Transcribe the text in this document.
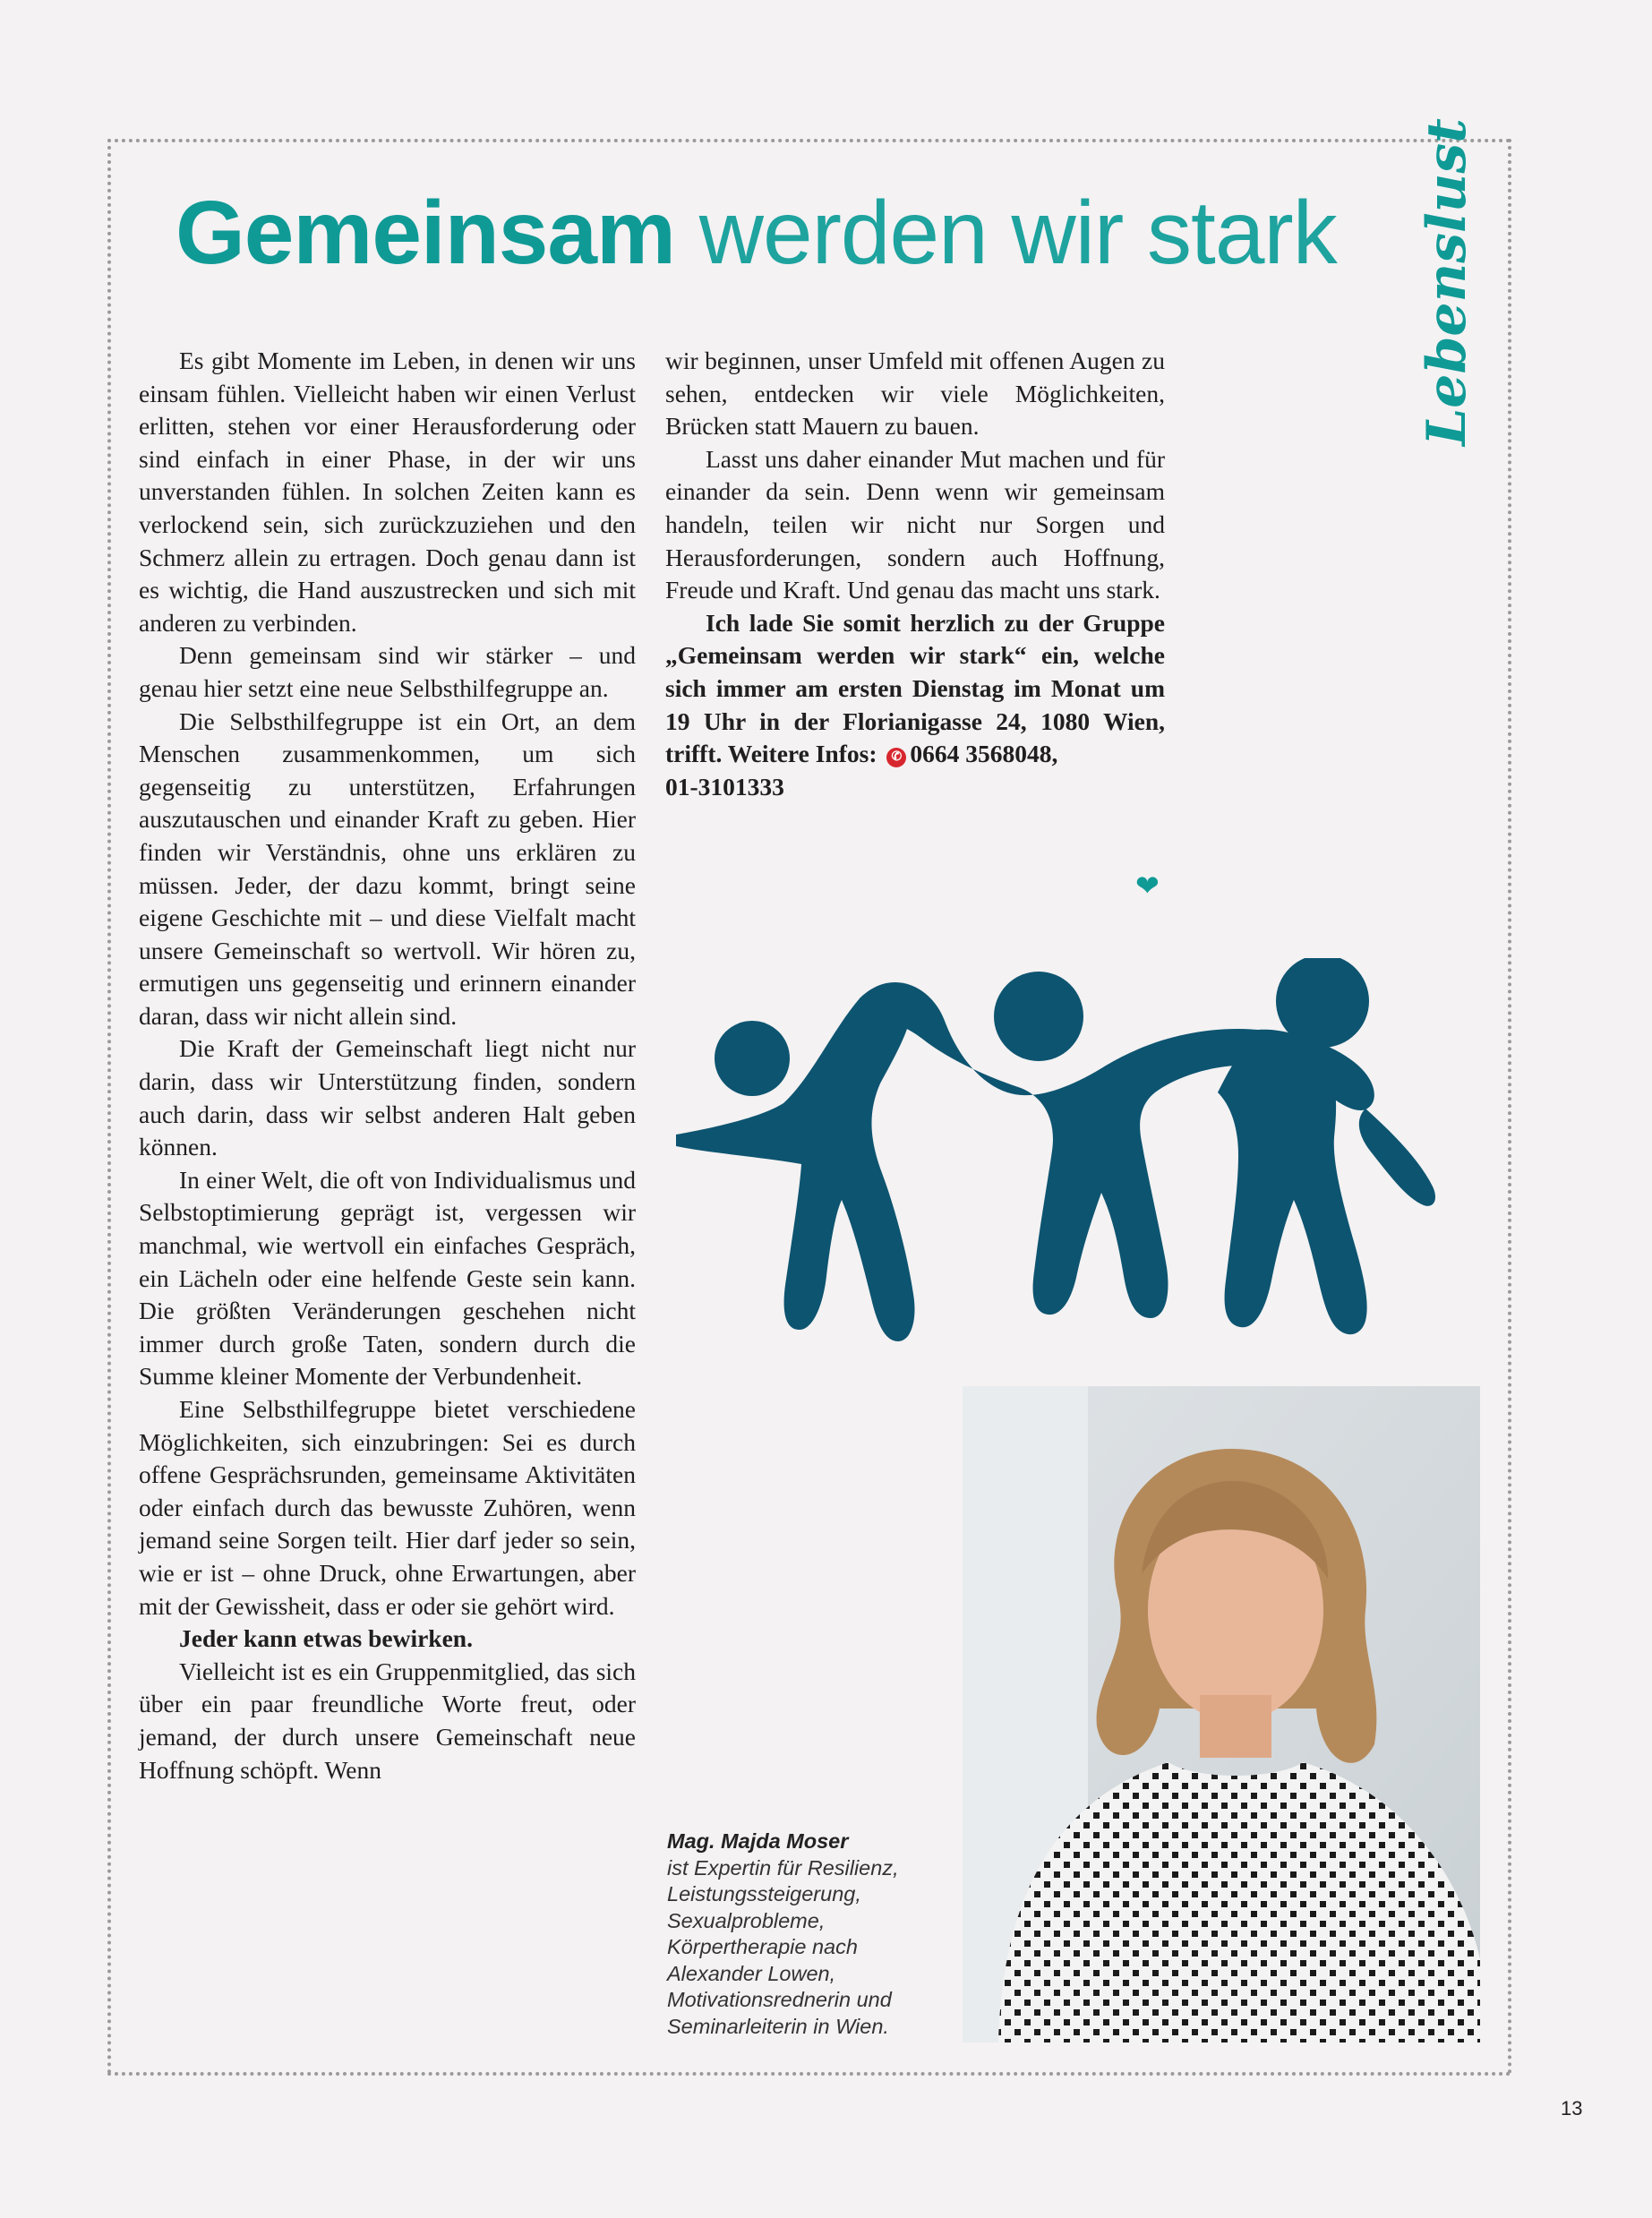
Gemeinsam werden wir stark Lebenslust

Es gibt Momente im Leben, in denen wir uns einsam fühlen. Vielleicht haben wir einen Verlust erlitten, stehen vor einer Herausforderung oder sind einfach in einer Phase, in der wir uns unverstanden fühlen. In solchen Zeiten kann es verlockend sein, sich zurückzuziehen und den Schmerz allein zu ertragen. Doch genau dann ist es wichtig, die Hand auszustrecken und sich mit anderen zu verbinden.

Denn gemeinsam sind wir stärker – und genau hier setzt eine neue Selbsthilfegruppe an.

Die Selbsthilfegruppe ist ein Ort, an dem Menschen zusammenkommen, um sich gegenseitig zu unterstützen, Erfahrungen auszutauschen und einander Kraft zu geben. Hier finden wir Verständnis, ohne uns erklären zu müssen. Jeder, der dazu kommt, bringt seine eigene Geschichte mit – und diese Vielfalt macht unsere Gemeinschaft so wertvoll. Wir hören zu, ermutigen uns gegenseitig und erinnern einander daran, dass wir nicht allein sind.

Die Kraft der Gemeinschaft liegt nicht nur darin, dass wir Unterstützung finden, sondern auch darin, dass wir selbst anderen Halt geben können.

In einer Welt, die oft von Individualismus und Selbstoptimierung geprägt ist, vergessen wir manchmal, wie wertvoll ein einfaches Gespräch, ein Lächeln oder eine helfende Geste sein kann. Die größten Veränderungen geschehen nicht immer durch große Taten, sondern durch die Summe kleiner Momente der Verbundenheit.

Eine Selbsthilfegruppe bietet verschiedene Möglichkeiten, sich einzubringen: Sei es durch offene Gesprächsrunden, gemeinsame Aktivitäten oder einfach durch das bewusste Zuhören, wenn jemand seine Sorgen teilt. Hier darf jeder so sein, wie er ist – ohne Druck, ohne Erwartungen, aber mit der Gewissheit, dass er oder sie gehört wird.

Jeder kann etwas bewirken.

Vielleicht ist es ein Gruppenmitglied, das sich über ein paar freundliche Worte freut, oder jemand, der durch unsere Gemeinschaft neue Hoffnung schöpft. Wenn

wir beginnen, unser Umfeld mit offenen Augen zu sehen, entdecken wir viele Möglichkeiten, Brücken statt Mauern zu bauen.

Lasst uns daher einander Mut machen und für einander da sein. Denn wenn wir gemeinsam handeln, teilen wir nicht nur Sorgen und Herausforderungen, sondern auch Hoffnung, Freude und Kraft. Und genau das macht uns stark.

Ich lade Sie somit herzlich zu der Gruppe „Gemeinsam werden wir stark“ ein, welche sich immer am ersten Dienstag im Monat um 19 Uhr in der Florianigasse 24, 1080 Wien, trifft. Weitere Infos: ✆ 0664 3568048,
01-3101333

❤
Mag. Majda Moser
ist Expertin für Resilienz, Leistungssteigerung, Sexualprobleme, Körpertherapie nach Alexander Lowen, Motivationsrednerin und Seminarleiterin in Wien.
13
